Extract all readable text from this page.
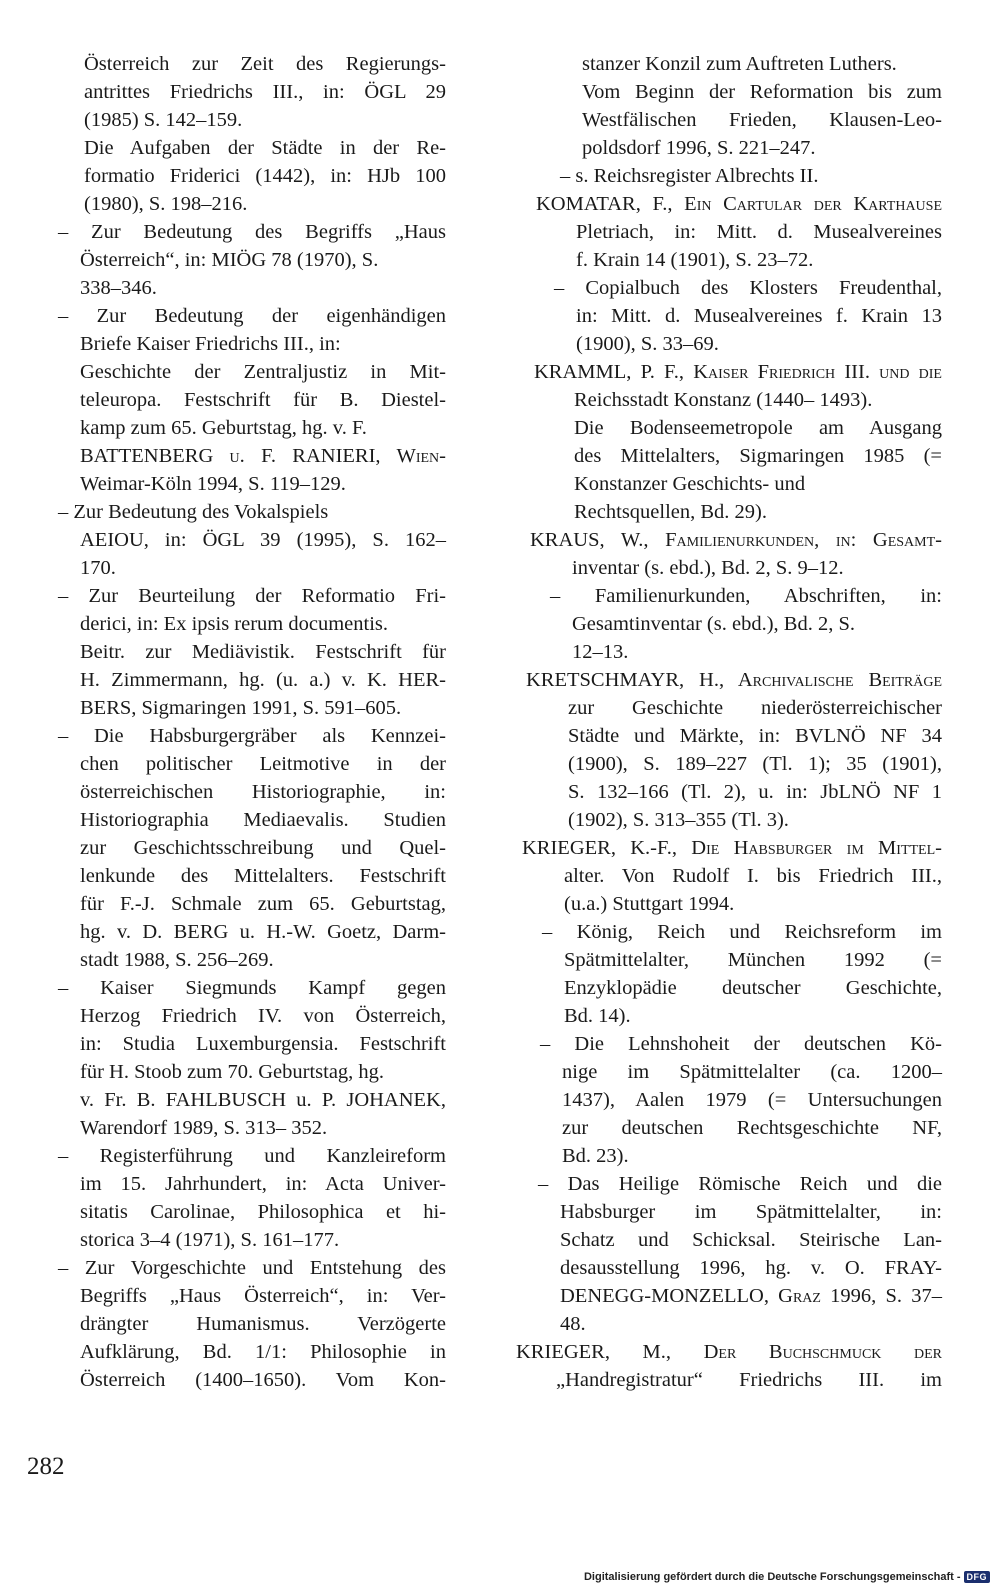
Österreich zur Zeit des Regierungs-
antrittes Friedrichs III., in: ÖGL 29
(1985) S. 142–159.
Die Aufgaben der Städte in der Re-
formatio Friderici (1442), in: HJb 100
(1980), S. 198–216.
– Zur Bedeutung des Begriffs „Haus
Österreich“, in: MIÖG 78 (1970), S.
338–346.
– Zur Bedeutung der eigenhändigen
Briefe Kaiser Friedrichs III., in:
Geschichte der Zentraljustiz in Mit-
teleuropa. Festschrift für B. Diestel-
kamp zum 65. Geburtstag, hg. v. F.
BATTENBERG u. F. RANIERI, Wien-
Weimar-Köln 1994, S. 119–129.
– Zur Bedeutung des Vokalspiels
AEIOU, in: ÖGL 39 (1995), S. 162–
170.
– Zur Beurteilung der Reformatio Fri-
derici, in: Ex ipsis rerum documentis.
Beitr. zur Mediävistik. Festschrift für
H. Zimmermann, hg. (u. a.) v. K. HER-
BERS, Sigmaringen 1991, S. 591–605.
– Die Habsburgergräber als Kennzei-
chen politischer Leitmotive in der
österreichischen Historiographie, in:
Historiographia Mediaevalis. Studien
zur Geschichtsschreibung und Quel-
lenkunde des Mittelalters. Festschrift
für F.-J. Schmale zum 65. Geburtstag,
hg. v. D. BERG u. H.-W. Goetz, Darm-
stadt 1988, S. 256–269.
– Kaiser Siegmunds Kampf gegen
Herzog Friedrich IV. von Österreich,
in: Studia Luxemburgensia. Festschrift
für H. Stoob zum 70. Geburtstag, hg.
v. Fr. B. FAHLBUSCH u. P. JOHANEK,
Warendorf 1989, S. 313– 352.
– Registerführung und Kanzleireform
im 15. Jahrhundert, in: Acta Univer-
sitatis Carolinae, Philosophica et hi-
storica 3–4 (1971), S. 161–177.
– Zur Vorgeschichte und Entstehung des
Begriffs „Haus Österreich“, in: Ver-
drängter Humanismus. Verzögerte
Aufklärung, Bd. 1/1: Philosophie in
Österreich (1400–1650). Vom Kon-
stanzer Konzil zum Auftreten Luthers.
Vom Beginn der Reformation bis zum
Westfälischen Frieden, Klausen-Leo-
poldsdorf 1996, S. 221–247.
– s. Reichsregister Albrechts II.
KOMATAR, F., Ein Cartular der Karthause
Pletriach, in: Mitt. d. Musealvereines
f. Krain 14 (1901), S. 23–72.
– Copialbuch des Klosters Freudenthal,
in: Mitt. d. Musealvereines f. Krain 13
(1900), S. 33–69.
KRAMML, P. F., Kaiser Friedrich III. und die
Reichsstadt Konstanz (1440– 1493).
Die Bodenseemetropole am Ausgang
des Mittelalters, Sigmaringen 1985 (=
Konstanzer Geschichts- und
Rechtsquellen, Bd. 29).
KRAUS, W., Familienurkunden, in: Gesamt-
inventar (s. ebd.), Bd. 2, S. 9–12.
– Familienurkunden, Abschriften, in:
Gesamtinventar (s. ebd.), Bd. 2, S.
12–13.
KRETSCHMAYR, H., Archivalische Beiträge
zur Geschichte niederösterreichischer
Städte und Märkte, in: BVLNÖ NF 34
(1900), S. 189–227 (Tl. 1); 35 (1901),
S. 132–166 (Tl. 2), u. in: JbLNÖ NF 1
(1902), S. 313–355 (Tl. 3).
KRIEGER, K.-F., Die Habsburger im Mittel-
alter. Von Rudolf I. bis Friedrich III.,
(u.a.) Stuttgart 1994.
– König, Reich und Reichsreform im
Spätmittelalter, München 1992 (=
Enzyklopädie deutscher Geschichte,
Bd. 14).
– Die Lehnshoheit der deutschen Kö-
nige im Spätmittelalter (ca. 1200–
1437), Aalen 1979 (= Untersuchungen
zur deutschen Rechtsgeschichte NF,
Bd. 23).
– Das Heilige Römische Reich und die
Habsburger im Spätmittelalter, in:
Schatz und Schicksal. Steirische Lan-
desausstellung 1996, hg. v. O. FRAY-
DENEGG-MONZELLO, Graz 1996, S. 37–
48.
KRIEGER, M., Der Buchschmuck der
„Handregistratur“ Friedrichs III. im
282
Digitalisierung gefördert durch die Deutsche Forschungsgemeinschaft - DFG
